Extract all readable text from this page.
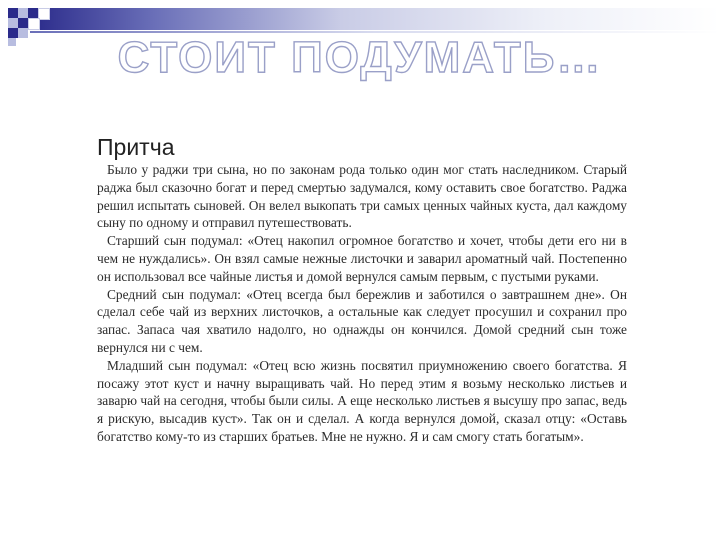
СТОИТ ПОДУМАТЬ…
Притча

Было у раджи три сына, но по законам рода только один мог стать наследником. Старый раджа был сказочно богат и перед смертью задумался, кому оставить свое богатство. Раджа решил испытать сыновей. Он велел выкопать три самых ценных чайных куста, дал каждому сыну по одному и отправил путешествовать.

Старший сын подумал: «Отец накопил огромное богатство и хочет, чтобы дети его ни в чем не нуждались». Он взял самые нежные листочки и заварил ароматный чай. Постепенно он использовал все чайные листья и домой вернулся самым первым, с пустыми руками.

Средний сын подумал: «Отец всегда был бережлив и заботился о завтрашнем дне». Он сделал себе чай из верхних листочков, а остальные как следует просушил и сохранил про запас. Запаса чая хватило надолго, но однажды он кончился. Домой средний сын тоже вернулся ни с чем.

Младший сын подумал: «Отец всю жизнь посвятил приумножению своего богатства. Я посажу этот куст и начну выращивать чай. Но перед этим я возьму несколько листьев и заварю чай на сегодня, чтобы были силы. А еще несколько листьев я высушу про запас, ведь я рискую, высадив куст». Так он и сделал. А когда вернулся домой, сказал отцу: «Оставь богатство кому-то из старших братьев. Мне не нужно. Я и сам смогу стать богатым».
